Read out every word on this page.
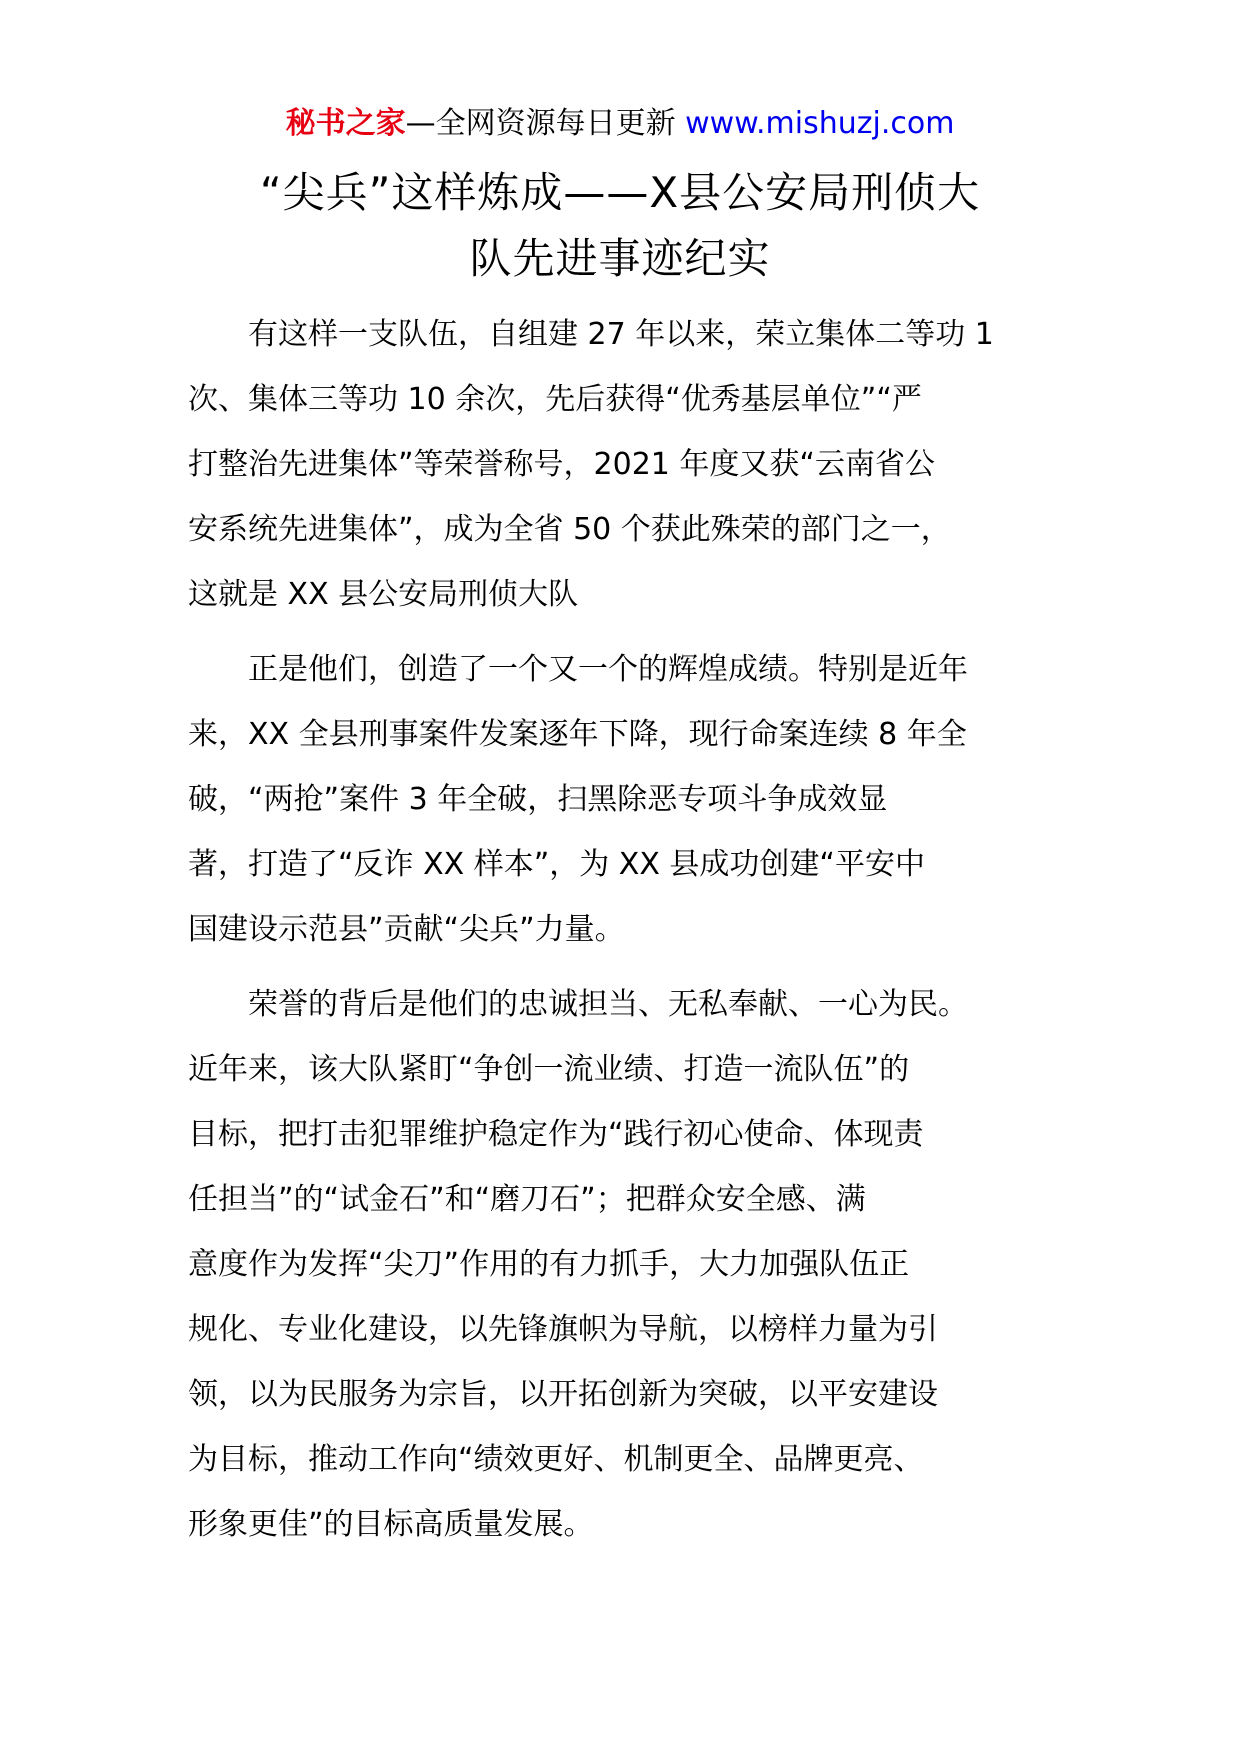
秘书之家—全网资源每日更新 www.mishuzj.com
“尖兵”这样炼成——X县公安局刑侦大
队先进事迹纪实
　　有这样一支队伍，自组建 27 年以来，荣立集体二等功 1
次、集体三等功 10 余次，先后获得“优秀基层单位”“严
打整治先进集体”等荣誉称号，2021 年度又获“云南省公
安系统先进集体”，成为全省 50 个获此殊荣的部门之一，
这就是 XX 县公安局刑侦大队
　　正是他们，创造了一个又一个的辉煌成绩。特别是近年
来，XX 全县刑事案件发案逐年下降，现行命案连续 8 年全
破，“两抢”案件 3 年全破，扫黑除恶专项斗争成效显
著，打造了“反诈 XX 样本”，为 XX 县成功创建“平安中
国建设示范县”贡献“尖兵”力量。
　　荣誉的背后是他们的忠诚担当、无私奉献、一心为民。
近年来，该大队紧盯“争创一流业绩、打造一流队伍”的
目标，把打击犯罪维护稳定作为“践行初心使命、体现责
任担当”的“试金石”和“磨刀石”；把群众安全感、满
意度作为发挥“尖刀”作用的有力抓手，大力加强队伍正
规化、专业化建设，以先锋旗帜为导航，以榜样力量为引
领，以为民服务为宗旨，以开拓创新为突破，以平安建设
为目标，推动工作向“绩效更好、机制更全、品牌更亮、
形象更佳”的目标高质量发展。
